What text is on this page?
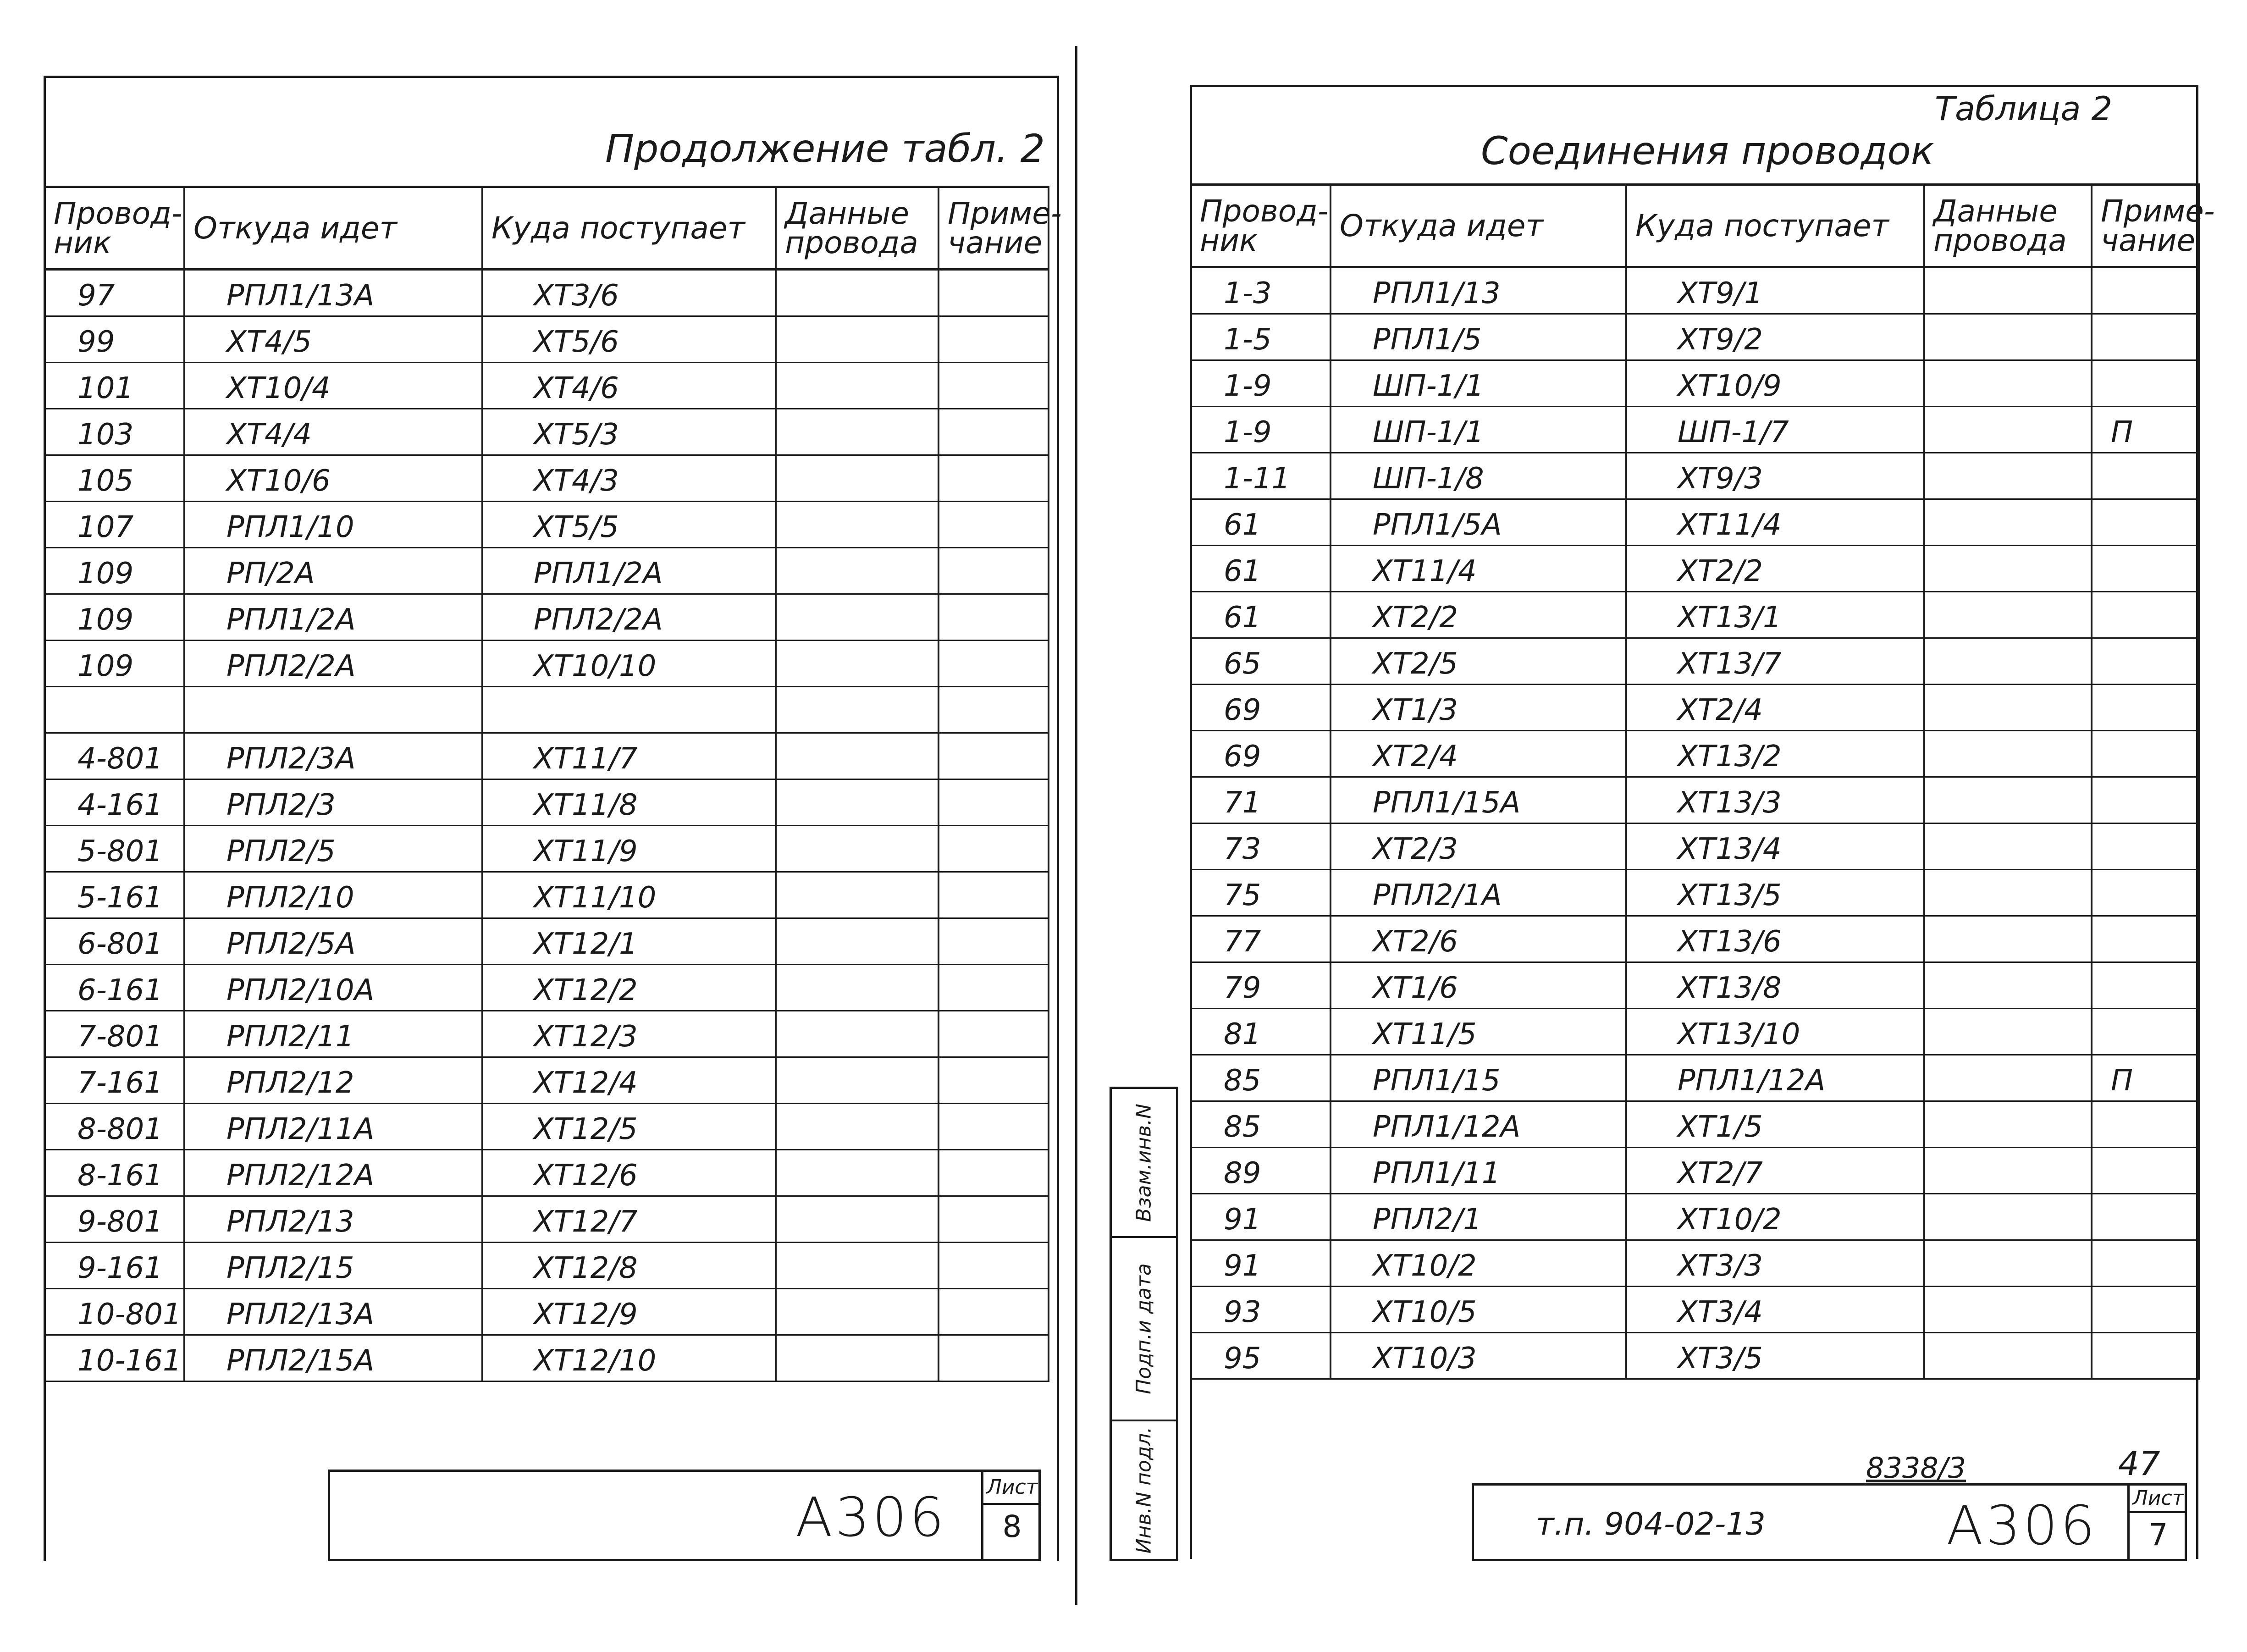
Продолжение табл. 2
Провод-ник	Откуда идет	Куда поступает	Данные провода	Приме-чание
97	РПЛ1/13А	ХТ3/6		
99	ХТ4/5	ХТ5/6		
101	ХТ10/4	ХТ4/6		
103	ХТ4/4	ХТ5/3		
105	ХТ10/6	ХТ4/3		
107	РПЛ1/10	ХТ5/5		
109	РП/2А	РПЛ1/2А		
109	РПЛ1/2А	РПЛ2/2А		
109	РПЛ2/2А	ХТ10/10		

4-801	РПЛ2/3А	ХТ11/7		
4-161	РПЛ2/3	ХТ11/8		
5-801	РПЛ2/5	ХТ11/9		
5-161	РПЛ2/10	ХТ11/10		
6-801	РПЛ2/5А	ХТ12/1		
6-161	РПЛ2/10А	ХТ12/2		
7-801	РПЛ2/11	ХТ12/3		
7-161	РПЛ2/12	ХТ12/4		
8-801	РПЛ2/11А	ХТ12/5		
8-161	РПЛ2/12А	ХТ12/6		
9-801	РПЛ2/13	ХТ12/7		
9-161	РПЛ2/15	ХТ12/8		
10-801	РПЛ2/13А	ХТ12/9		
10-161	РПЛ2/15А	ХТ12/10		
А306 Лист
8
Таблица 2
Соединения проводок
Провод-ник	Откуда идет	Куда поступает	Данные провода	Приме-чание
1-3	РПЛ1/13	ХТ9/1		
1-5	РПЛ1/5	ХТ9/2		
1-9	ШП-1/1	ХТ10/9		
1-9	ШП-1/1	ШП-1/7		П
1-11	ШП-1/8	ХТ9/3		
61	РПЛ1/5А	ХТ11/4		
61	ХТ11/4	ХТ2/2		
61	ХТ2/2	ХТ13/1		
65	ХТ2/5	ХТ13/7		
69	ХТ1/3	ХТ2/4		
69	ХТ2/4	ХТ13/2		
71	РПЛ1/15А	ХТ13/3		
73	ХТ2/3	ХТ13/4		
75	РПЛ2/1А	ХТ13/5		
77	ХТ2/6	ХТ13/6		
79	ХТ1/6	ХТ13/8		
81	ХТ11/5	ХТ13/10		
85	РПЛ1/15	РПЛ1/12А		П
85	РПЛ1/12А	ХТ1/5		
89	РПЛ1/11	ХТ2/7		
91	РПЛ2/1	ХТ10/2		
91	ХТ10/2	ХТ3/3		
93	ХТ10/5	ХТ3/4		
95	ХТ10/3	ХТ3/5		
Взам.инв.N
Подп.и дата
Инв.N подл.	8338/3	47
т.п. 904-02-13	А306 Лист
7
